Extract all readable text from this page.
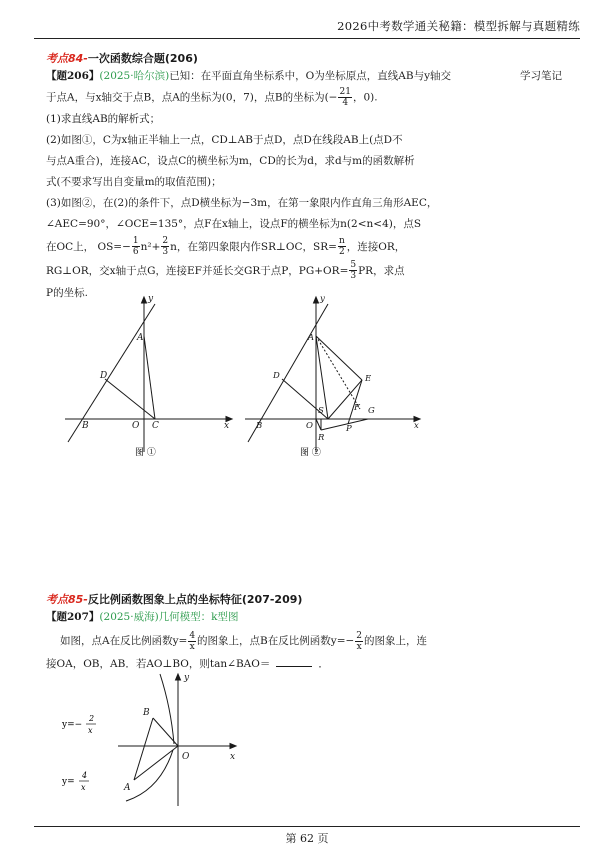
2026中考数学通关秘籍：模型拆解与真题精练
学习笔记
考点84-一次函数综合题(206)

【题206】(2025·哈尔滨)已知：在平面直角坐标系中，O为坐标原点，直线AB与y轴交

于点A，与x轴交于点B，点A的坐标为(0，7)，点B的坐标为(− $\frac{21}{4}$ ，0).

(1)求直线AB的解析式；

(2)如图①，C为x轴正半轴上一点，CD⊥AB于点D，点D在线段AB上(点D不

与点A重合)，连接AC，设点C的横坐标为m，CD的长为d，求d与m的函数解析

式(不要求写出自变量m的取值范围)；

(3)如图②，在(2)的条件下，点D横坐标为−3m，在第一象限内作直角三角形AEC，

∠AEC=90°，∠OCE=135°，点F在x轴上，设点F的横坐标为n(2<n<4)，点S

在OC上， $OS=- \frac{1}{6} n^2+ \frac{2}{3}$ n，在第四象限内作SR⊥OC，$SR= \frac{n}{2}$ ，连接OR，

RG⊥OR，交x轴于点G，连接EF并延长交GR于点P，$PG+OR= \frac{5}{3}$ PR，求点

P的坐标.

A
D
B	O C	x
y
图 ①
A
D	E
S	F G
P
R
B	O	x
y
图 ②
考点85-反比例函数图象上点的坐标特征(207-209)

【题207】(2025·威海)几何模型：k型图

如图，点A在反比例函数$y= \frac{4}{x}$ 的图象上，点B在反比例函数$y=- \frac{2}{x}$ 的图象上，连

接OA，OB，AB．若AO⊥BO，则tan∠BAO＝	．

B
A
O	x
y
y=−
2
x
y=
4
x
第 62 页
